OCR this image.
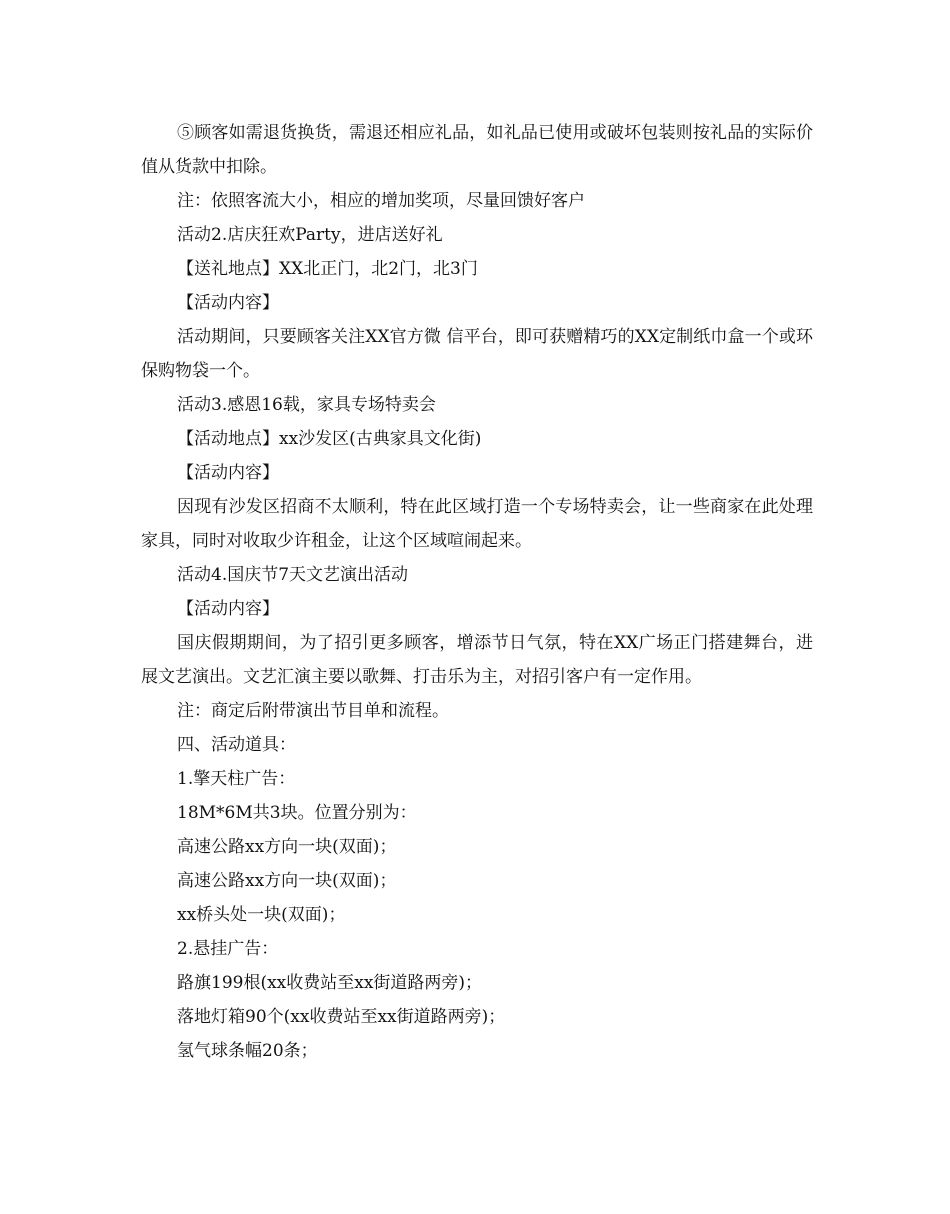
⑤顾客如需退货换货，需退还相应礼品，如礼品已使用或破坏包装则按礼品的实际价值从货款中扣除。

注：依照客流大小，相应的增加奖项，尽量回馈好客户

活动2.店庆狂欢Party，进店送好礼

【送礼地点】XX北正门，北2门，北3门

【活动内容】

活动期间，只要顾客关注XX官方微 信平台，即可获赠精巧的XX定制纸巾盒一个或环保购物袋一个。

活动3.感恩16载，家具专场特卖会

【活动地点】xx沙发区(古典家具文化街)

【活动内容】

因现有沙发区招商不太顺利，特在此区域打造一个专场特卖会，让一些商家在此处理家具，同时对收取少许租金，让这个区域喧闹起来。

活动4.国庆节7天文艺演出活动

【活动内容】

国庆假期期间，为了招引更多顾客，增添节日气氛，特在XX广场正门搭建舞台，进展文艺演出。文艺汇演主要以歌舞、打击乐为主，对招引客户有一定作用。

注：商定后附带演出节目单和流程。

四、活动道具：

1.擎天柱广告：

18M*6M共3块。位置分别为：

高速公路xx方向一块(双面)；

高速公路xx方向一块(双面)；

xx桥头处一块(双面)；

2.悬挂广告：

路旗199根(xx收费站至xx街道路两旁)；

落地灯箱90个(xx收费站至xx街道路两旁)；

氢气球条幅20条；
